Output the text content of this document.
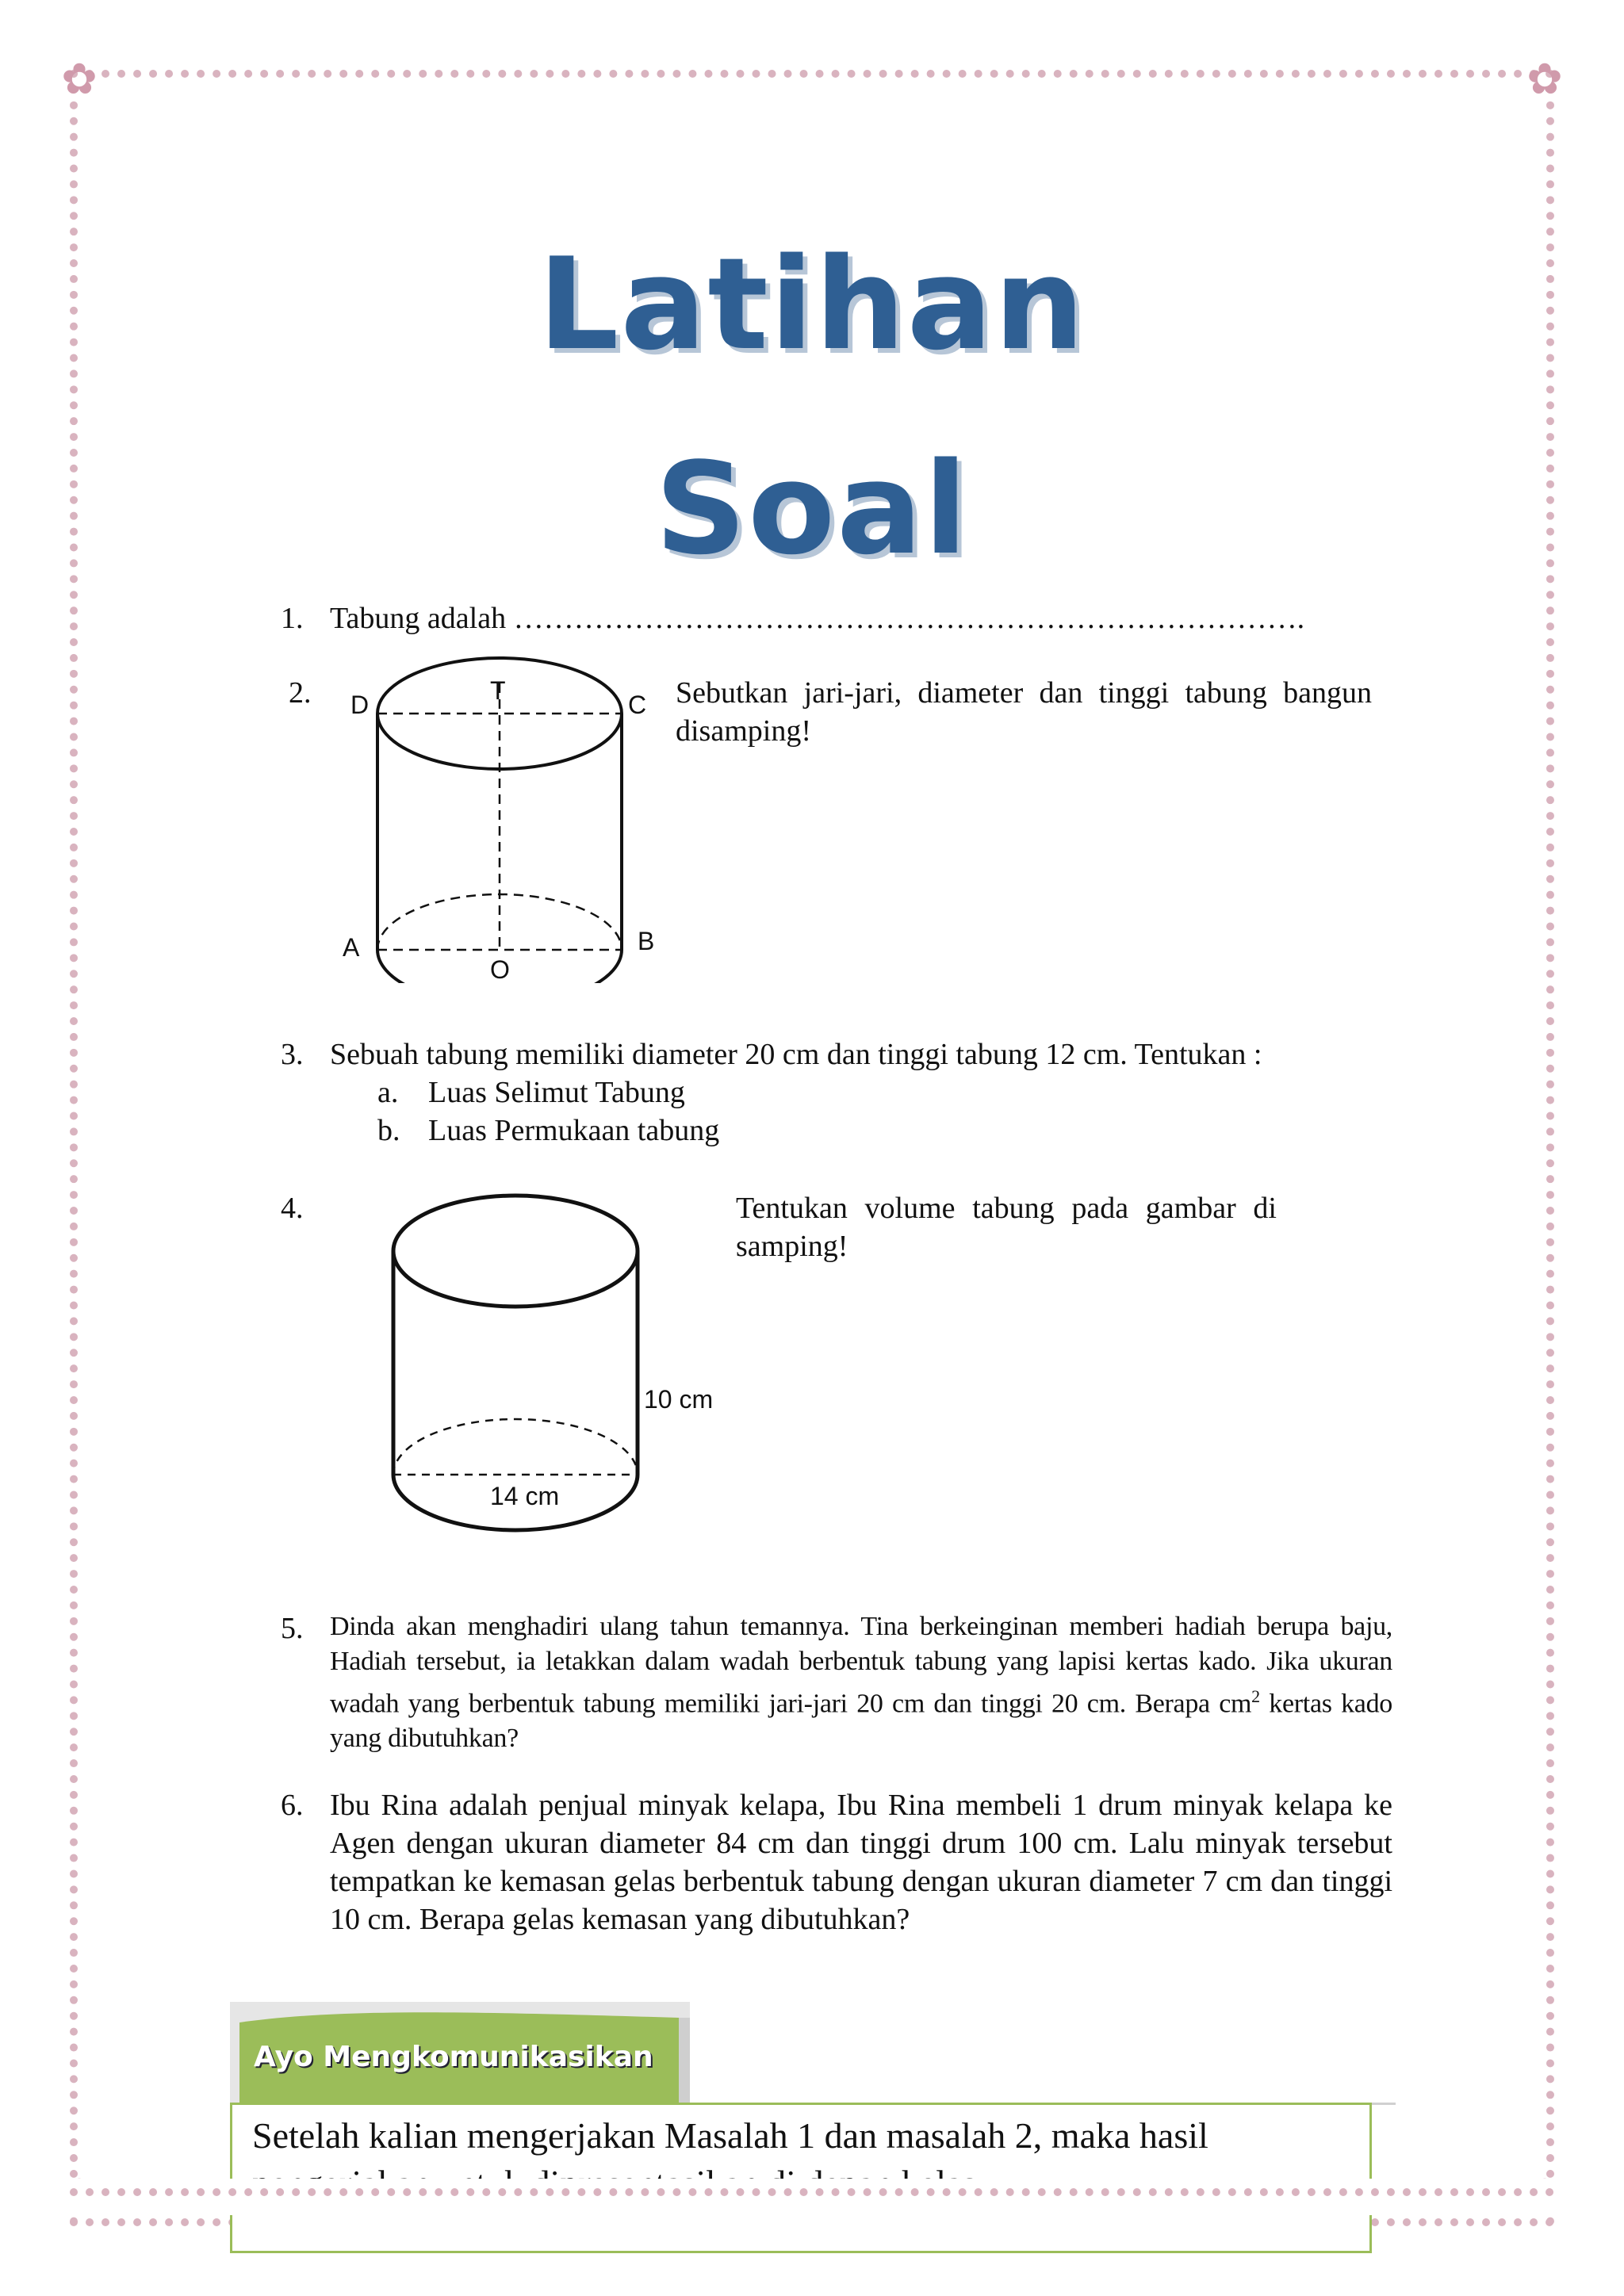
✿	✿
Latihan
Soal
1. Tabung adalah …………………………………………………………………….
2. D	T	C
A	B
O
Sebutkan jari-jari, diameter dan tinggi tabung bangun disamping!
3. Sebuah tabung memiliki diameter 20 cm dan tinggi tabung 12 cm. Tentukan :
a. Luas Selimut Tabung
b. Luas Permukaan tabung
4.
10 cm
14 cm
Tentukan volume tabung pada gambar di samping!
5. Dinda akan menghadiri ulang tahun temannya. Tina berkeinginan memberi hadiah berupa baju, Hadiah tersebut, ia letakkan dalam wadah berbentuk tabung yang lapisi kertas kado. Jika ukuran wadah yang berbentuk tabung memiliki jari-jari 20 cm dan tinggi 20 cm. Berapa $cm^2$ kertas kado yang dibutuhkan?
6. Ibu Rina adalah penjual minyak kelapa, Ibu Rina membeli 1 drum minyak kelapa ke Agen dengan ukuran diameter 84 cm dan tinggi drum 100 cm. Lalu minyak tersebut tempatkan ke kemasan gelas berbentuk tabung dengan ukuran diameter 7 cm dan tinggi 10 cm. Berapa gelas kemasan yang dibutuhkan?
Ayo Mengkomunikasikan
Setelah kalian mengerjakan Masalah 1 dan masalah 2, maka hasil
